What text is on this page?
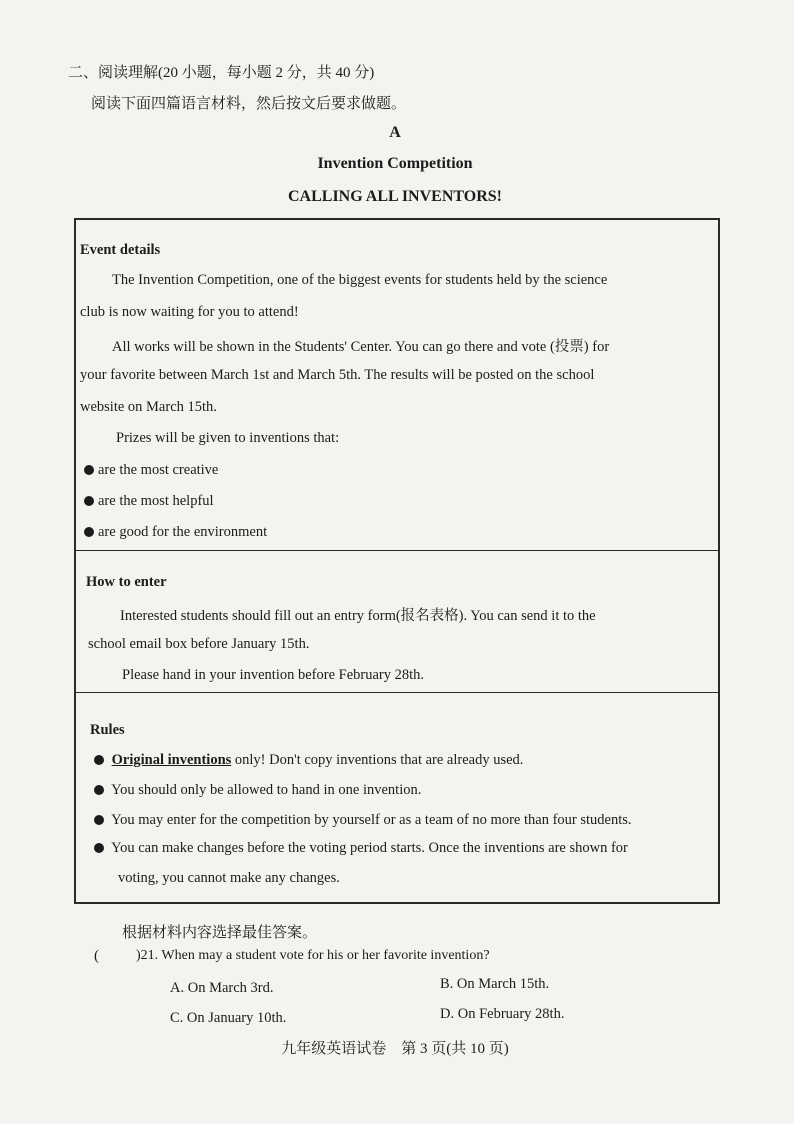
二、阅读理解(20 小题，每小题 2 分，共 40 分)
阅读下面四篇语言材料，然后按文后要求做题。
A
Invention Competition
CALLING ALL INVENTORS!
Event details
The Invention Competition, one of the biggest events for students held by the science
club is now waiting for you to attend!
All works will be shown in the Students' Center. You can go there and vote (投票) for
your favorite between March 1st and March 5th. The results will be posted on the school
website on March 15th.
Prizes will be given to inventions that:
are the most creative
are the most helpful
are good for the environment
How to enter
Interested students should fill out an entry form(报名表格). You can send it to the
school email box before January 15th.
Please hand in your invention before February 28th.
Rules
Original inventions only! Don't copy inventions that are already used.
You should only be allowed to hand in one invention.
You may enter for the competition by yourself or as a team of no more than four students.
You can make changes before the voting period starts. Once the inventions are shown for
voting, you cannot make any changes.
根据材料内容选择最佳答案。
(	)21. When may a student vote for his or her favorite invention?
A. On March 3rd.	B. On March 15th.
C. On January 10th.	D. On February 28th.
九年级英语试卷　第 3 页(共 10 页)
